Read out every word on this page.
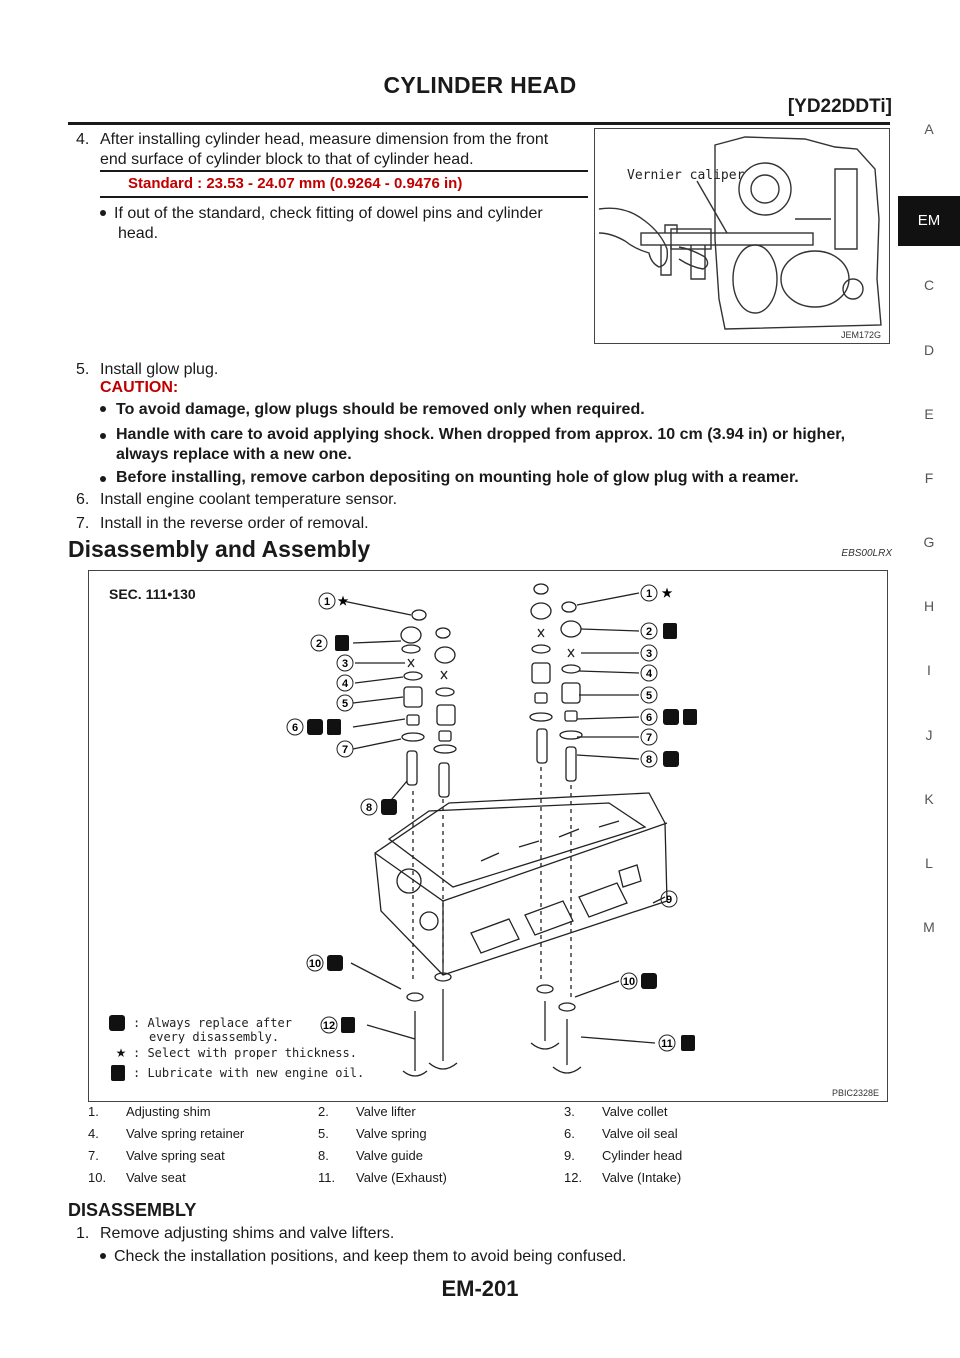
CYLINDER HEAD
[YD22DDTi]
A
EM
C
D
E
F
G
H
I
J
K
L
M
4. After installing cylinder head, measure dimension from the front
end surface of cylinder block to that of cylinder head.
Standard : 23.53 - 24.07 mm (0.9264 - 0.9476 in)
If out of the standard, check fitting of dowel pins and cylinder
head.
Vernier caliper
JEM172G
5. Install glow plug.
CAUTION:
To avoid damage, glow plugs should be removed only when required.
Handle with care to avoid applying shock. When dropped from approx. 10 cm (3.94 in) or higher,
always replace with a new one.
Before installing, remove carbon depositing on mounting hole of glow plug with a reamer.
6. Install engine coolant temperature sensor.
7. Install in the reverse order of removal.
Disassembly and Assembly	EBS00LRX
SEC. 111•130	1 ★
2
3
4
5
6
7
8
10
12
1 ★
2
3
4
5
6
7
8
9
10
11
: Always replace after
every disassembly.
★ : Select with proper thickness.
: Lubricate with new engine oil.
PBIC2328E
1. Adjusting shim	2. Valve lifter	3. Valve collet

4. Valve spring retainer	5. Valve spring	6. Valve oil seal

7. Valve spring seat	8. Valve guide	9. Cylinder head

10. Valve seat	11. Valve (Exhaust)	12. Valve (Intake)
DISASSEMBLY
1. Remove adjusting shims and valve lifters.
Check the installation positions, and keep them to avoid being confused.
EM-201
